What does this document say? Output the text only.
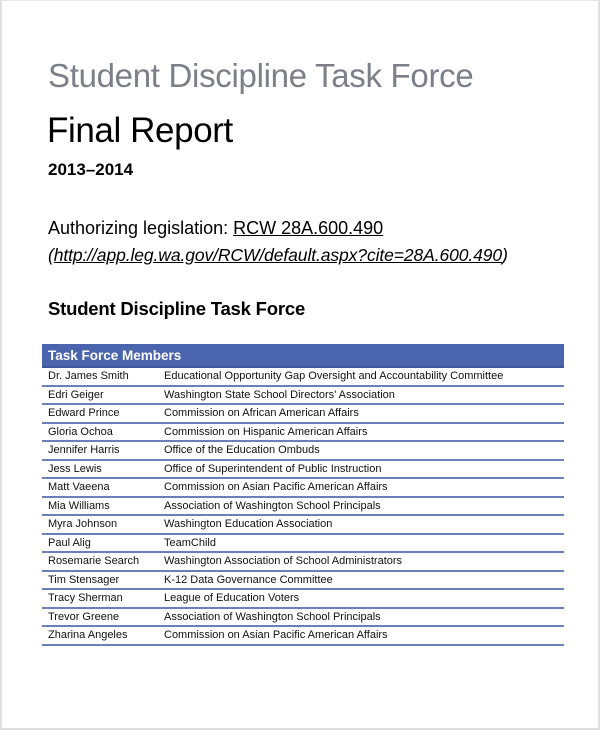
Student Discipline Task Force
Final Report
2013–2014
Authorizing legislation: RCW 28A.600.490
(http://app.leg.wa.gov/RCW/default.aspx?cite=28A.600.490)
Student Discipline Task Force
Task Force Members	
Dr. James Smith	Educational Opportunity Gap Oversight and Accountability Committee
Edri Geiger	Washington State School Directors’ Association
Edward Prince	Commission on African American Affairs
Gloria Ochoa	Commission on Hispanic American Affairs
Jennifer Harris	Office of the Education Ombuds
Jess Lewis	Office of Superintendent of Public Instruction
Matt Vaeena	Commission on Asian Pacific American Affairs
Mia Williams	Association of Washington School Principals
Myra Johnson	Washington Education Association
Paul Alig	TeamChild
Rosemarie Search	Washington Association of School Administrators
Tim Stensager	K-12 Data Governance Committee
Tracy Sherman	League of Education Voters
Trevor Greene	Association of Washington School Principals
Zharina Angeles	Commission on Asian Pacific American Affairs
